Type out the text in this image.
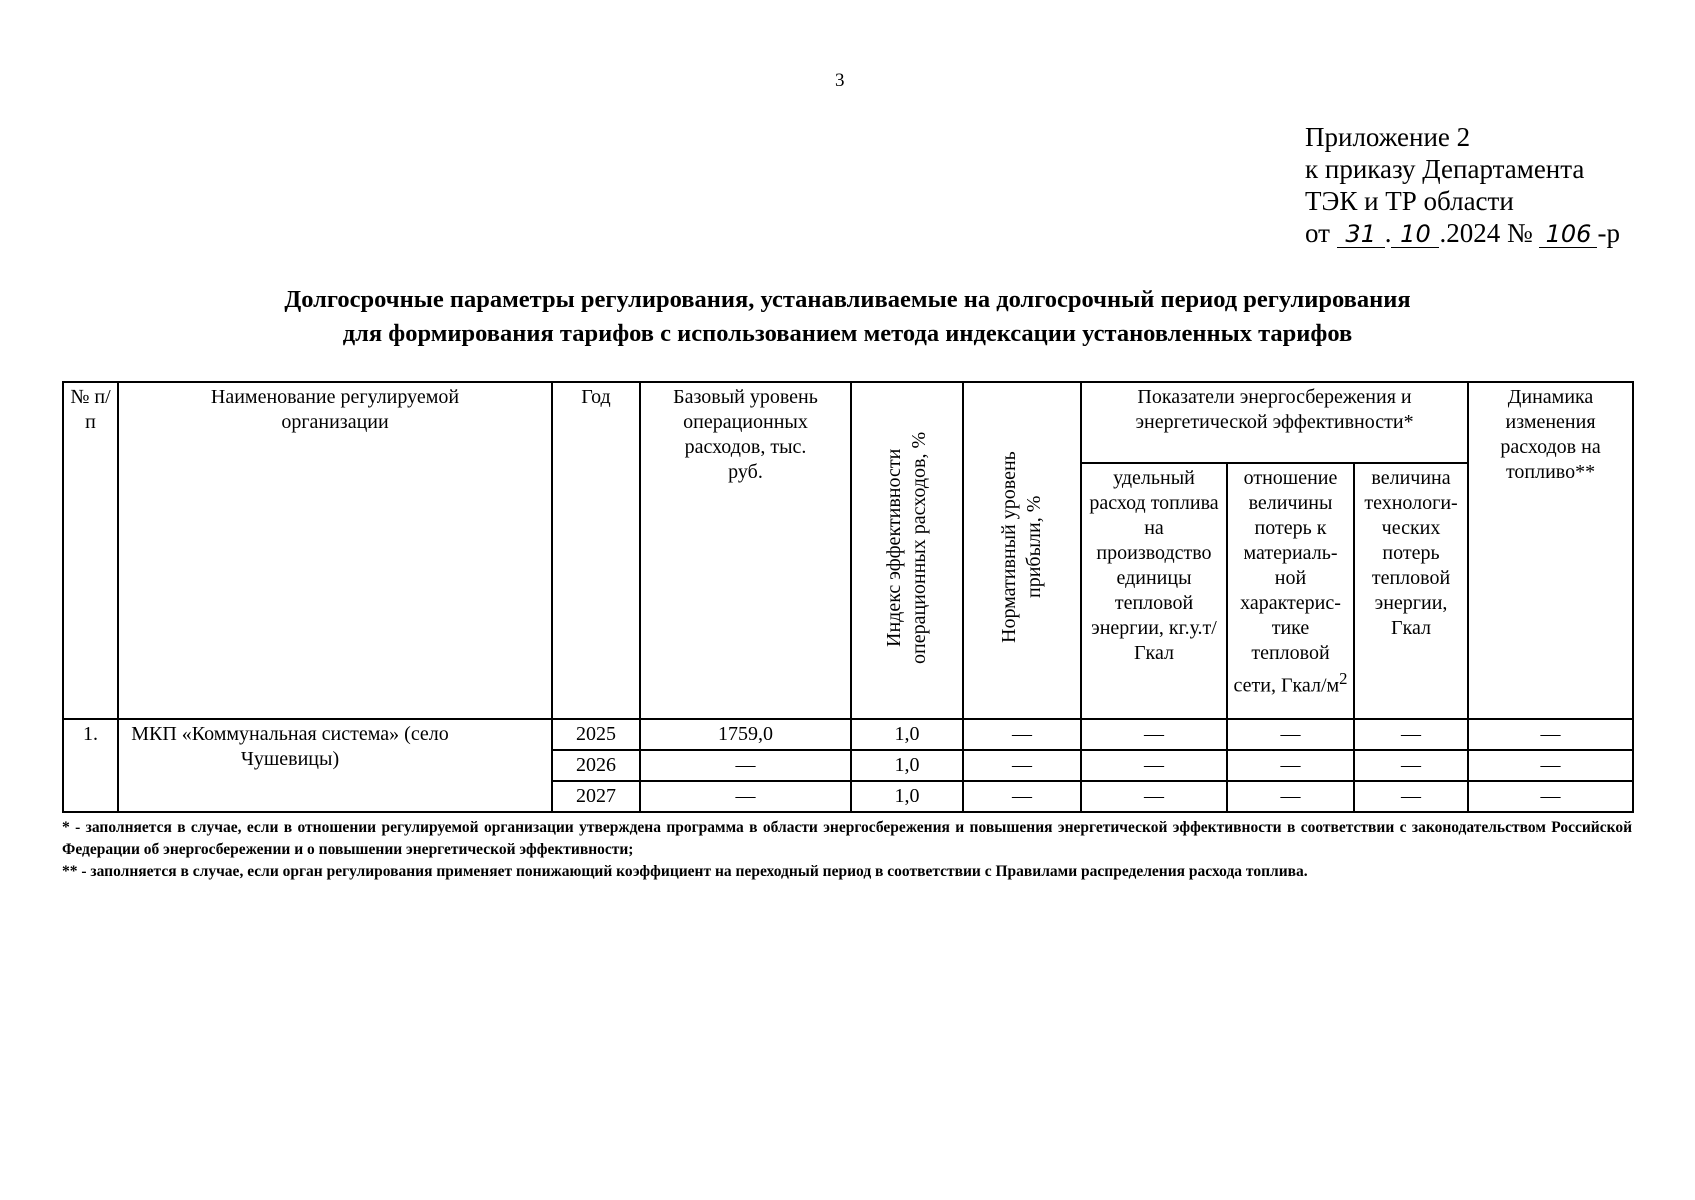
3
Приложение 2
к приказу Департамента
ТЭК и ТР области
от 31 . 10 .2024 № 106 -р
Долгосрочные параметры регулирования, устанавливаемые на долгосрочный период регулирования
для формирования тарифов с использованием метода индексации установленных тарифов
№ п/п	Наименование регулируемой организации	Год	Базовый уровень операционных расходов, тыс. руб.	Индекс эффективности операционных расходов, %	Нормативный уровень прибыли, %	Показатели энергосбережения и энергетической эффективности*			Динамика изменения расходов на топливо**
						удельный расход топлива на производство единицы тепловой энергии, кг.у.т/Гкал	отношение величины потерь к материаль-ной характерис-тике тепловой сети, Гкал/$м^2$	величина технологи-ческих потерь тепловой энергии, Гкал	
1.	МКП «Коммунальная система» (село Чушевицы)	2025	1759,0	1,0	—	—	—	—	—
		2026	—	1,0	—	—	—	—	—
		2027	—	1,0	—	—	—	—	—

* - заполняется в случае, если в отношении регулируемой организации утверждена программа в области энергосбережения и повышения энергетической эффективности в соответствии с законодательством Российской Федерации об энергосбережении и о повышении энергетической эффективности;

** - заполняется в случае, если орган регулирования применяет понижающий коэффициент на переходный период в соответствии с Правилами распределения расхода топлива.
